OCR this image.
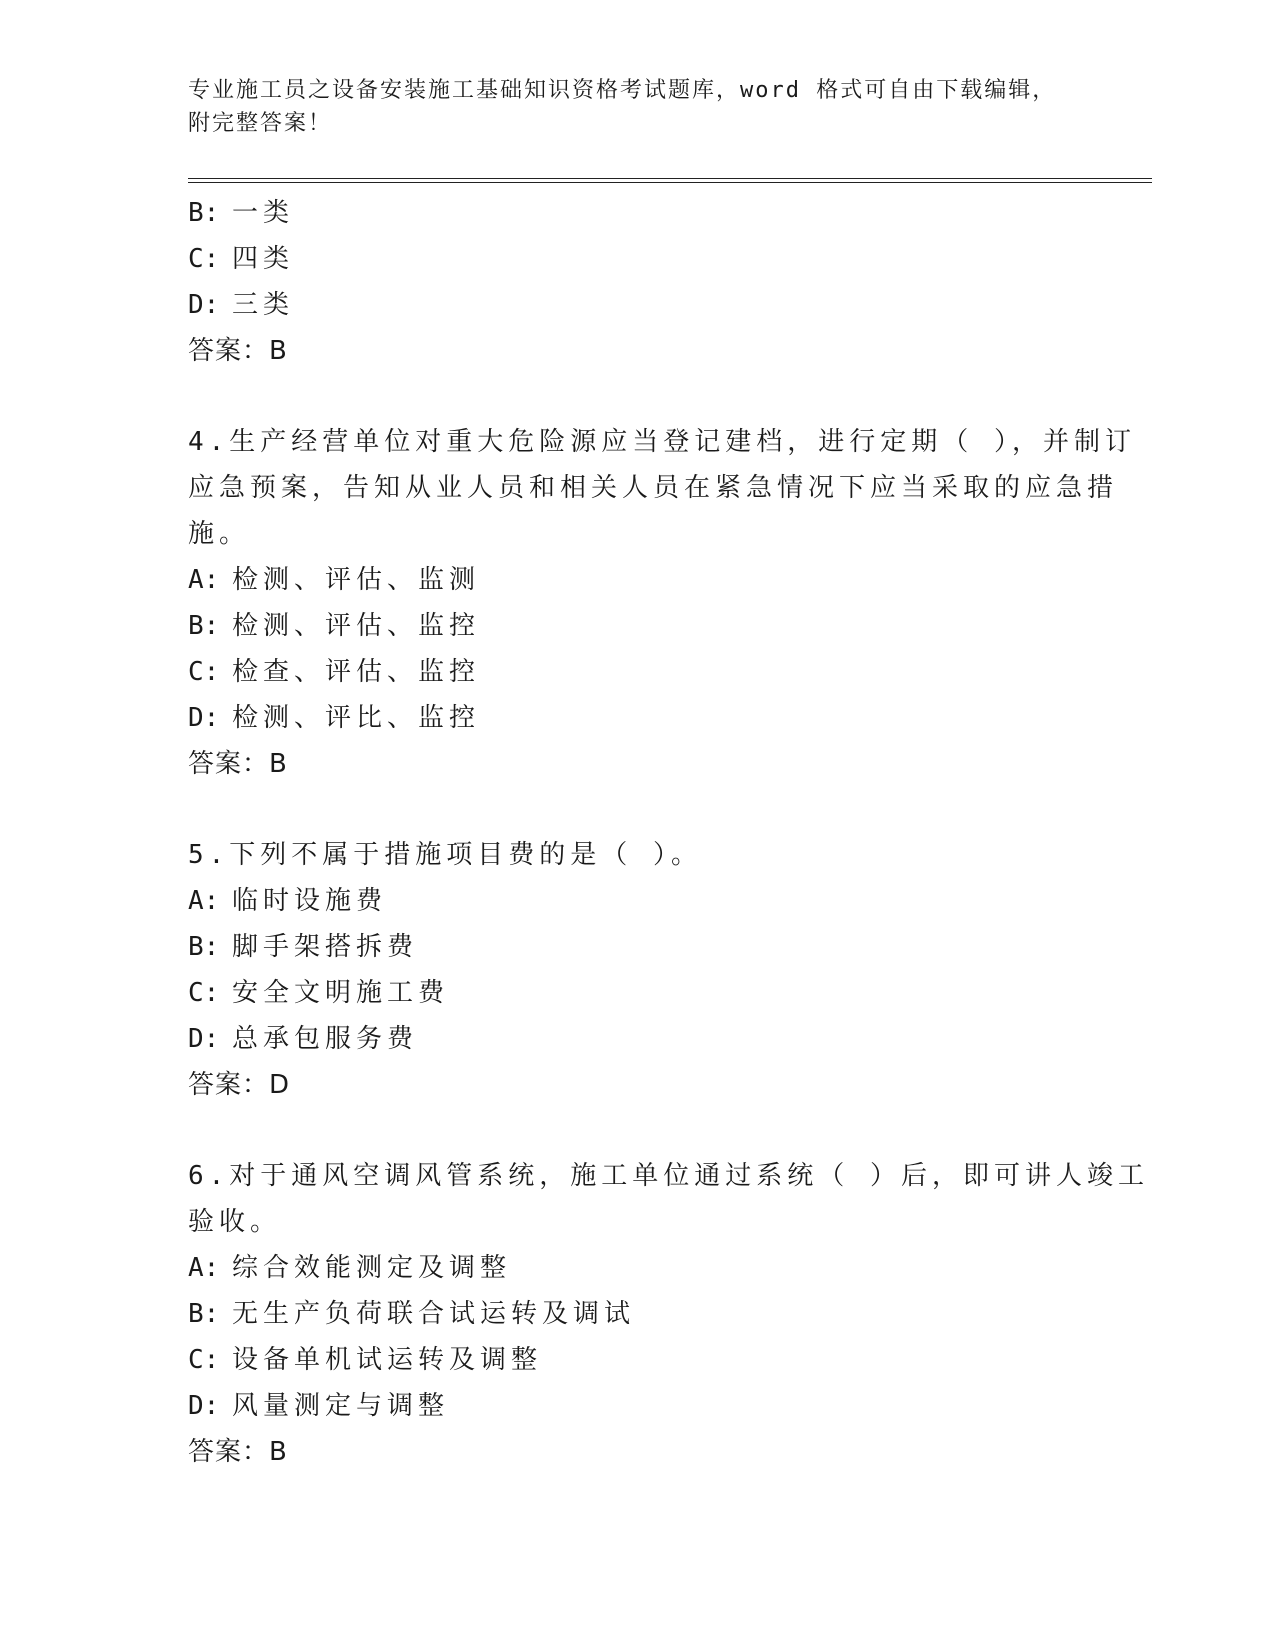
专业施工员之设备安装施工基础知识资格考试题库，word 格式可自由下载编辑，
附完整答案！
B: 一类
C: 四类
D: 三类
答案：B
4.生产经营单位对重大危险源应当登记建档，进行定期（ ），并制订
应急预案，告知从业人员和相关人员在紧急情况下应当采取的应急措
施。
A: 检测、评估、监测
B: 检测、评估、监控
C: 检查、评估、监控
D: 检测、评比、监控
答案：B
5.下列不属于措施项目费的是（ ）。
A: 临时设施费
B: 脚手架搭拆费
C: 安全文明施工费
D: 总承包服务费
答案：D
6.对于通风空调风管系统，施工单位通过系统（ ）后，即可讲人竣工
验收。
A: 综合效能测定及调整
B: 无生产负荷联合试运转及调试
C: 设备单机试运转及调整
D: 风量测定与调整
答案：B
